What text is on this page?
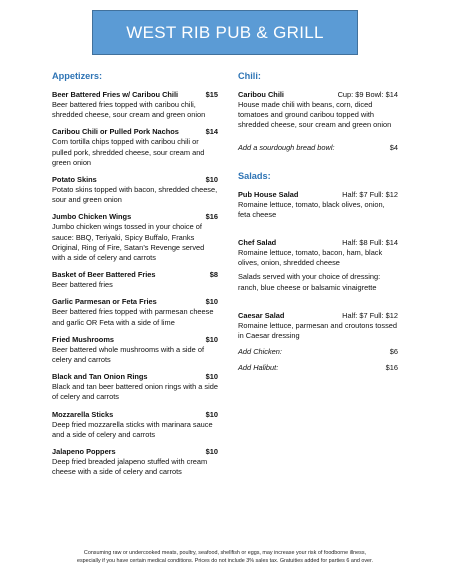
WEST RIB PUB & GRILL
Appetizers:
Beer Battered Fries w/ Caribou Chili	$15
Beer battered fries topped with caribou chili, shredded cheese, sour cream and green onion
Caribou Chili or Pulled Pork Nachos	$14
Corn tortilla chips topped with caribou chili or pulled pork, shredded cheese, sour cream and green onion
Potato Skins	$10
Potato skins topped with bacon, shredded cheese, sour and green onion
Jumbo Chicken Wings	$16
Jumbo chicken wings tossed in your choice of sauce: BBQ, Teriyaki, Spicy Buffalo, Franks Original, Ring of Fire, Satan’s Revenge served with a side of celery and carrots
Basket of Beer Battered Fries	$8
Beer battered fries
Garlic Parmesan or Feta Fries	$10
Beer battered fries topped with parmesan cheese and garlic OR Feta with a side of lime
Fried Mushrooms	$10
Beer battered whole mushrooms with a side of celery and carrots
Black and Tan Onion Rings	$10
Black and tan beer battered onion rings with a side of celery and carrots
Mozzarella Sticks	$10
Deep fried mozzarella sticks with marinara sauce and a side of celery and carrots
Jalapeno Poppers	$10
Deep fried breaded jalapeno stuffed with cream cheese with a side of celery and carrots
Chili:
Caribou Chili	Cup: $9 Bowl: $14
House made chili with beans, corn, diced tomatoes and ground caribou topped with shredded cheese, sour cream and green onion
Add a sourdough bread bowl:	$4
Salads:
Pub House Salad	Half: $7 Full: $12
Romaine lettuce, tomato, black olives, onion, feta cheese
Chef Salad	Half: $8 Full: $14
Romaine lettuce, tomato, bacon, ham, black olives, onion, shredded cheese
Salads served with your choice of dressing: ranch, blue cheese or balsamic vinaigrette
Caesar Salad	Half: $7 Full: $12
Romaine lettuce, parmesan and croutons tossed in Caesar dressing
Add Chicken:	$6
Add Halibut:	$16
Consuming raw or undercooked meats, poultry, seafood, shellfish or eggs, may increase your risk of foodborne illness,
especially if you have certain medical conditions. Prices do not include 3% sales tax. Gratuities added for parties 6 and over.
